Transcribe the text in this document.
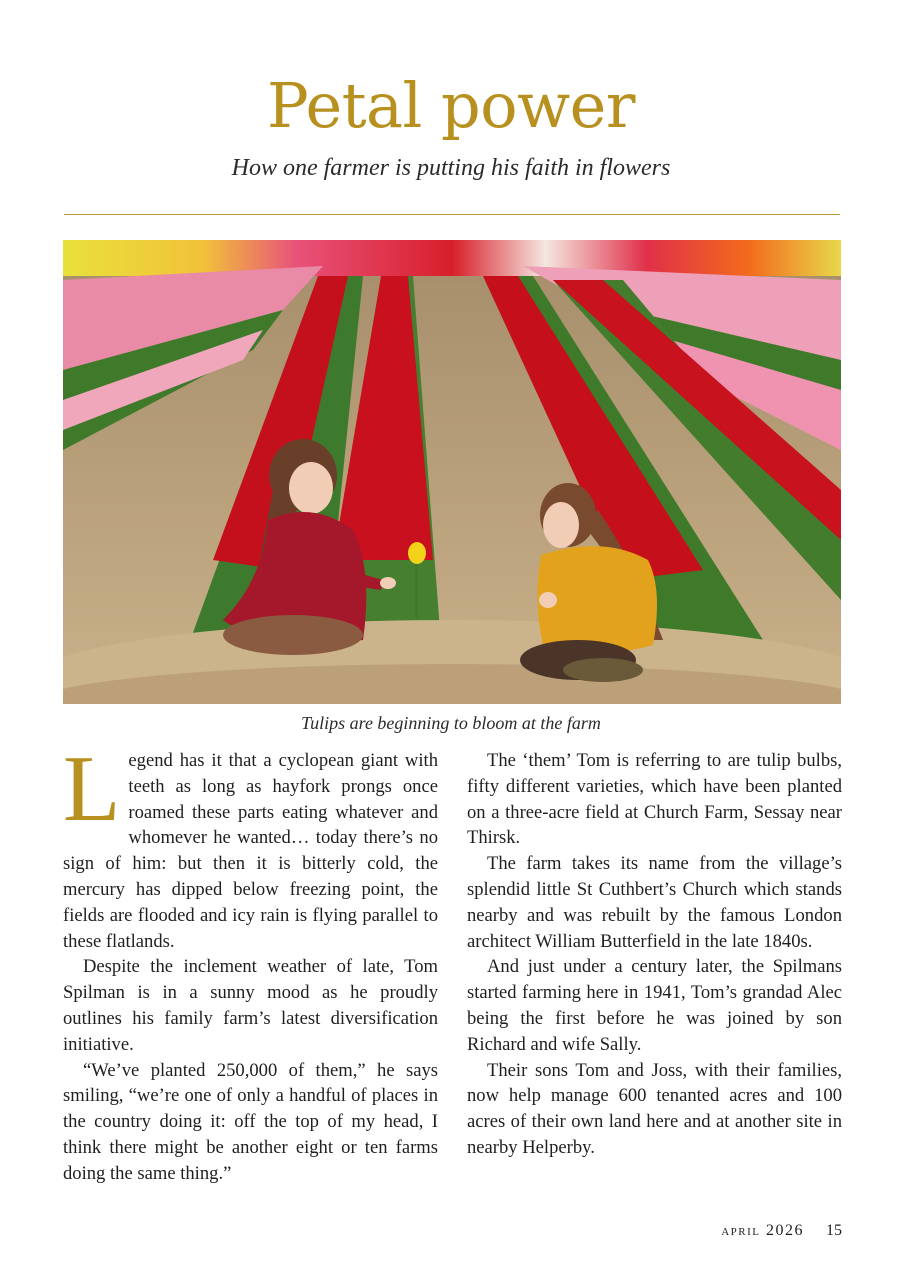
Petal power

How one farmer is putting his faith in flowers

Tulips are beginning to bloom at the farm

Legend has it that a cyclopean giant with teeth as long as hayfork prongs once roamed these parts eating whatever and whomever he wanted… today there’s no sign of him: but then it is bitterly cold, the mercury has dipped below freezing point, the fields are flooded and icy rain is flying parallel to these flatlands.

Despite the inclement weather of late, Tom Spilman is in a sunny mood as he proudly outlines his family farm’s latest diversification initiative.

“We’ve planted 250,000 of them,” he says smiling, “we’re one of only a handful of places in the country doing it: off the top of my head, I think there might be another eight or ten farms doing the same thing.”

The ‘them’ Tom is referring to are tulip bulbs, fifty different varieties, which have been planted on a three-acre field at Church Farm, Sessay near Thirsk.

The farm takes its name from the village’s splendid little St Cuthbert’s Church which stands nearby and was rebuilt by the famous London architect William Butterfield in the late 1840s.

And just under a century later, the Spilmans started farming here in 1941, Tom’s grandad Alec being the first before he was joined by son Richard and wife Sally.

Their sons Tom and Joss, with their families, now help manage 600 tenanted acres and 100 acres of their own land here and at another site in nearby Helperby.

april 2026 15
